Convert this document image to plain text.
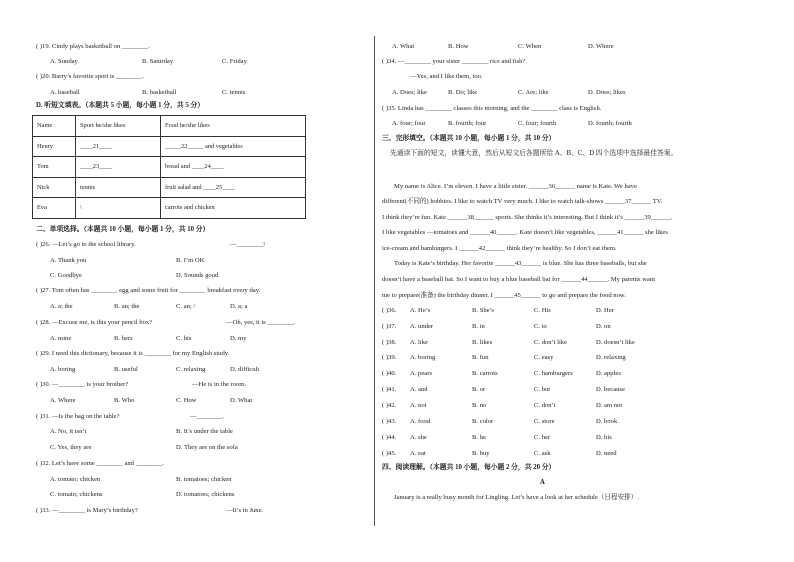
( )19. Cindy plays basketball on ________.
A. Sunday	B. Saturday	C. Friday
( )20. Barry’s favorite sport is ________.
A. baseball	B. basketball	C. tennis
D. 听短文填表。（本题共 5 小题，每小题 1 分，共 5 分）
Name	Sport he/she likes	Food he/she likes
Henry	____21____	_____22_____ and vegetables
Tom	____23____	bread and ____24____
Nick	tennis	fruit salad and ____25____
Eva	\	carrots and chicken
二、单项选择。（本题共 10 小题，每小题 1 分，共 10 分）
( )26. —Let’s go to the school library.	—________!
A. Thank you	B. I’m OK
C. Goodbye	D. Sounds good
( )27. Tom often has ________ egg and some fruit for ________ breakfast every day.
A. a; the	B. an; the	C. an; /	D. a; a
( )28. —Excuse me, is this your pencil box?	—Oh, yes, it is ________.
A. mine	B. hers	C. his	D. my
( )29. I need this dictionary, because it is ________ for my English study.
A. boring	B. useful	C. relaxing	D. difficult
( )30. —________ is your brother?	—He is in the room.
A. Where	B. Who	C. How	D. What
( )31. —Is the bag on the table?	—________.
A. No, it isn’t	B. It’s under the table
C. Yes, they are	D. They are on the sofa
( )32. Let’s have some ________ and ________.
A. tomato; chicken	B. tomatoes; chicken
C. tomato; chickens	D. tomatoes; chickens
( )33. —________ is Mary’s birthday?	—It’s in June.
A. What	B. How	C. When	D. Where
( )34. —________ your sister ________ rice and fish?
—Yes, and I like them, too.
A. Does; like	B. Do; like	C. Are; like	D. Does; likes
( )35. Linda has ________ classes this morning, and the ________ class is English.
A. four; four	B. fourth; four	C. four; fourth	D. fourth; fourth
三、完形填空。（本题共 10 小题，每小题 1 分，共 10 分）
先通读下面的短文，读懂大意，然后从短文后各题所给 A、B、C、D 四个选项中选择最佳答案。
My name is Alice. I’m eleven. I have a little sister. ______36______ name is Kate. We have
different(不同的) hobbies. I like to watch TV very much. I like to watch talk-shows ______37______ TV.
I think they’re fun. Kate ______38______ sports. She thinks it’s interesting. But I think it’s ______39______.
I like vegetables —tomatoes and ______40______. Kate doesn’t like vegetables, ______41______ she likes
ice-cream and hamburgers. I ______42______ think they’re healthy. So I don’t eat them.
Today is Kate’s birthday. Her favorite ______43______ is blue. She has three baseballs, but she
doesn’t have a baseball bat. So I want to buy a blue baseball bat for ______44______. My parents want
me to prepare(准备) the birthday dinner. I ______45______ to go and prepare the food now.
( )36. A. He’s	B. She’s	C. His	D. Her
( )37. A. under	B. in	C. to	D. on
( )38. A. like	B. likes	C. don’t like	D. doesn’t like
( )39. A. boring	B. fun	C. easy	D. relaxing
( )40. A. pears	B. carrots	C. hamburgers	D. apples
( )41. A. and	B. or	C. but	D. because
( )42. A. not	B. no	C. don’t	D. am not
( )43. A. food	B. color	C. store	D. book
( )44. A. she	B. he	C. her	D. his
( )45. A. eat	B. buy	C. ask	D. need
四、阅读理解。（本题共 10 小题，每小题 2 分，共 20 分）
A
January is a really busy month for Lingling. Let’s have a look at her schedule（日程安排）.
